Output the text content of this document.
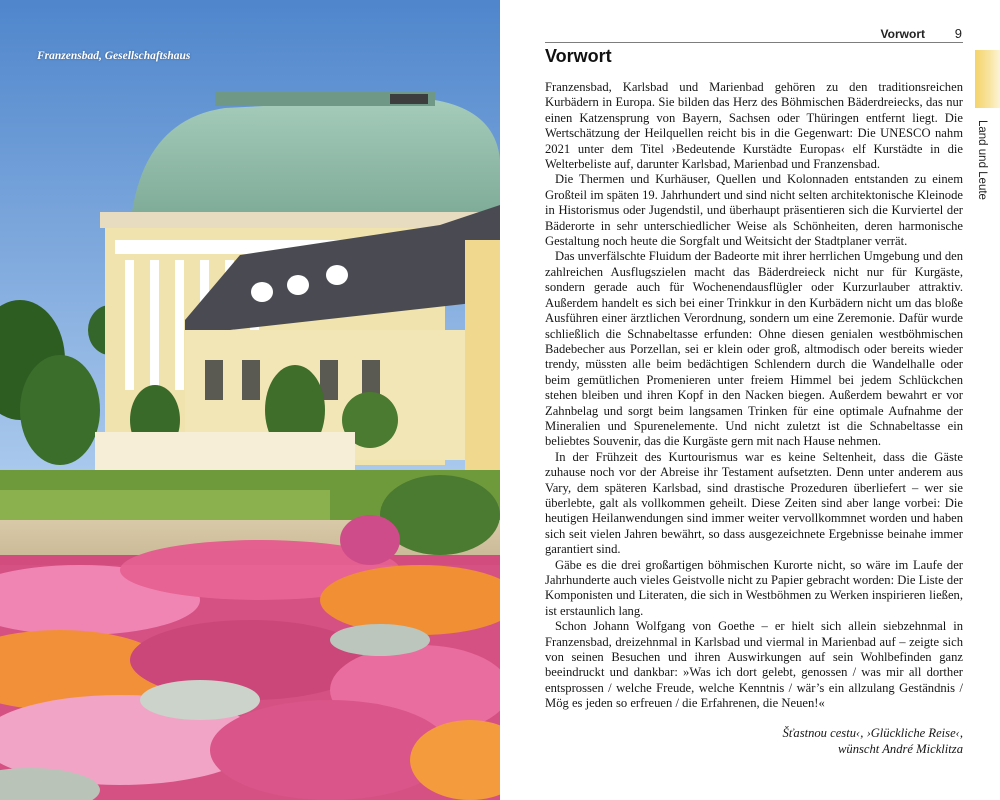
Franzensbad, Gesellschaftshaus
Vorwort 9
Land und Leute
Vorwort

Franzensbad, Karlsbad und Marienbad gehören zu den traditionsreichen Kurbädern in Europa. Sie bilden das Herz des Böhmischen Bäderdreiecks, das nur einen Katzensprung von Bayern, Sachsen oder Thüringen entfernt liegt. Die Wertschätzung der Heilquellen reicht bis in die Gegenwart: Die UNESCO nahm 2021 unter dem Titel ›Bedeutende Kurstädte Europas‹ elf Kurstädte in die Welterbeliste auf, darunter Karlsbad, Marienbad und Franzensbad.

Die Thermen und Kurhäuser, Quellen und Kolonnaden entstanden zu einem Großteil im späten 19. Jahrhundert und sind nicht selten architektonische Kleinode in Historismus oder Jugendstil, und überhaupt präsentieren sich die Kurviertel der Bäderorte in sehr unterschiedlicher Weise als Schönheiten, deren harmonische Gestaltung noch heute die Sorgfalt und Weitsicht der Stadtplaner verrät.

Das unverfälschte Fluidum der Badeorte mit ihrer herrlichen Umgebung und den zahlreichen Ausflugszielen macht das Bäderdreieck nicht nur für Kurgäste, sondern gerade auch für Wochenendausflügler oder Kurzurlauber attraktiv. Außerdem handelt es sich bei einer Trinkkur in den Kurbädern nicht um das bloße Ausführen einer ärztlichen Verordnung, sondern um eine Zeremonie. Dafür wurde schließlich die Schnabeltasse erfunden: Ohne diesen genialen westböhmischen Badebecher aus Porzellan, sei er klein oder groß, altmodisch oder bereits wieder trendy, müssten alle beim bedächtigen Schlendern durch die Wandelhalle oder beim gemütlichen Promenieren unter freiem Himmel bei jedem Schlückchen stehen bleiben und ihren Kopf in den Nacken biegen. Außerdem bewahrt er vor Zahnbelag und sorgt beim langsamen Trinken für eine optimale Aufnahme der Mineralien und Spurenelemente. Und nicht zuletzt ist die Schnabeltasse ein beliebtes Souvenir, das die Kurgäste gern mit nach Hause nehmen.

In der Frühzeit des Kurtourismus war es keine Seltenheit, dass die Gäste zuhause noch vor der Abreise ihr Testament aufsetzten. Denn unter anderem aus Vary, dem späteren Karlsbad, sind drastische Prozeduren überliefert – wer sie überlebte, galt als vollkommen geheilt. Diese Zeiten sind aber lange vorbei: Die heutigen Heilanwendungen sind immer weiter vervollkommnet worden und haben sich seit vielen Jahren bewährt, so dass ausgezeichnete Ergebnisse beinahe immer garantiert sind.

Gäbe es die drei großartigen böhmischen Kurorte nicht, so wäre im Laufe der Jahrhunderte auch vieles Geistvolle nicht zu Papier gebracht worden: Die Liste der Komponisten und Literaten, die sich in Westböhmen zu Werken inspirieren ließen, ist erstaunlich lang.

Schon Johann Wolfgang von Goethe – er hielt sich allein siebzehnmal in Franzensbad, dreizehnmal in Karlsbad und viermal in Marienbad auf – zeigte sich von seinen Besuchen und ihren Auswirkungen auf sein Wohlbefinden ganz beeindruckt und dankbar: »Was ich dort gelebt, genossen / was mir all dorther entsprossen / welche Freude, welche Kenntnis / wär’s ein allzulang Geständnis / Mög es jeden so erfreuen / die Erfahrenen, die Neuen!«

Šťastnou cestu‹, ›Glückliche Reise‹,
wünscht André Micklitza
